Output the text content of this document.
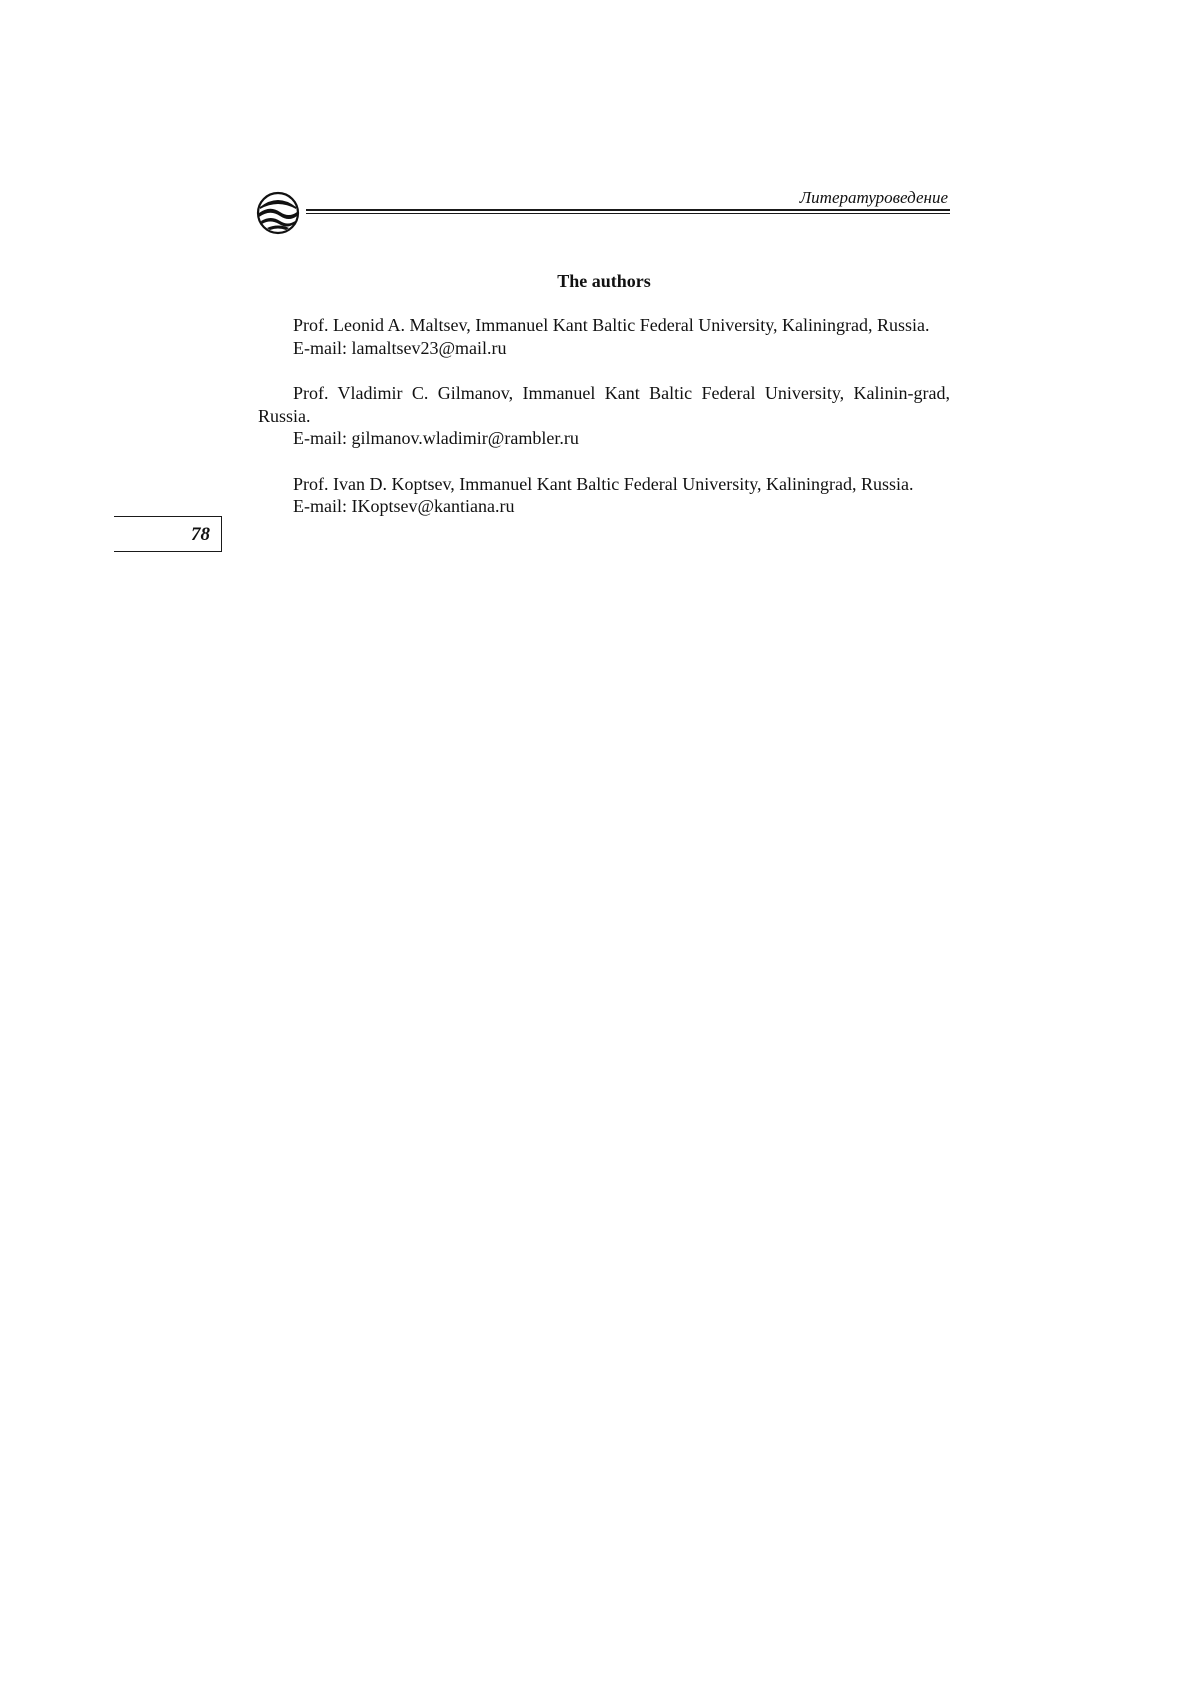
Литературоведение
78
The authors

Prof. Leonid A. Maltsev, Immanuel Kant Baltic Federal University, Kaliningrad, Russia.

E-mail: lamaltsev23@mail.ru

Prof. Vladimir C. Gilmanov, Immanuel Kant Baltic Federal University, Kalinin-grad, Russia.

E-mail: gilmanov.wladimir@rambler.ru

Prof. Ivan D. Koptsev, Immanuel Kant Baltic Federal University, Kaliningrad, Russia.

E-mail: IKoptsev@kantiana.ru
